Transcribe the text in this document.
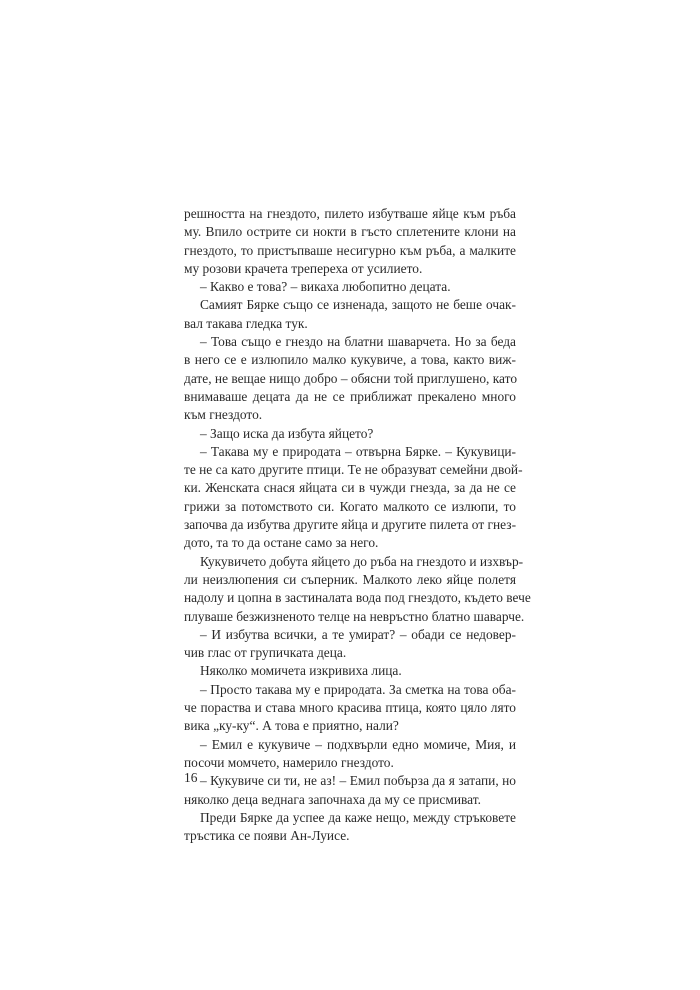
решността на гнездото, пилето избутваше яйце към ръба
му. Впило острите си нокти в гъсто сплетените клони на
гнездото, то пристъпваше несигурно към ръба, а малките
му розови крачета трепереха от усилието.
– Какво е това? – викаха любопитно децата.
Самият Бярке също се изненада, защото не беше очак-
вал такава гледка тук.
– Това също е гнездо на блатни шаварчета. Но за беда
в него се е излюпило малко кукувиче, а това, както виж-
дате, не вещае нищо добро – обясни той приглушено, като
внимаваше децата да не се приближат прекалено много
към гнездото.
– Защо иска да избута яйцето?
– Такава му е природата – отвърна Бярке. – Кукувици-
те не са като другите птици. Те не образуват семейни двой-
ки. Женската снася яйцата си в чужди гнезда, за да не се
грижи за потомството си. Когато малкото се излюпи, то
започва да избутва другите яйца и другите пилета от гнез-
дото, та то да остане само за него.
Кукувичето добута яйцето до ръба на гнездото и изхвър-
ли неизлюпения си съперник. Малкото леко яйце полетя
надолу и цопна в застиналата вода под гнездото, където вече
плуваше безжизненото телце на невръстно блатно шаварче.
– И избутва всички, а те умират? – обади се недовер-
чив глас от групичката деца.
Няколко момичета изкривиха лица.
– Просто такава му е природата. За сметка на това оба-
че пораства и става много красива птица, която цяло лято
вика „ку-ку“. А това е приятно, нали?
– Емил е кукувиче – подхвърли едно момиче, Мия, и
посочи момчето, намерило гнездото.
– Кукувиче си ти, не аз! – Емил побърза да я затапи, но
няколко деца веднага започнаха да му се присмиват.
Преди Бярке да успее да каже нещо, между стръковете
тръстика се появи Ан-Луисе.
16
